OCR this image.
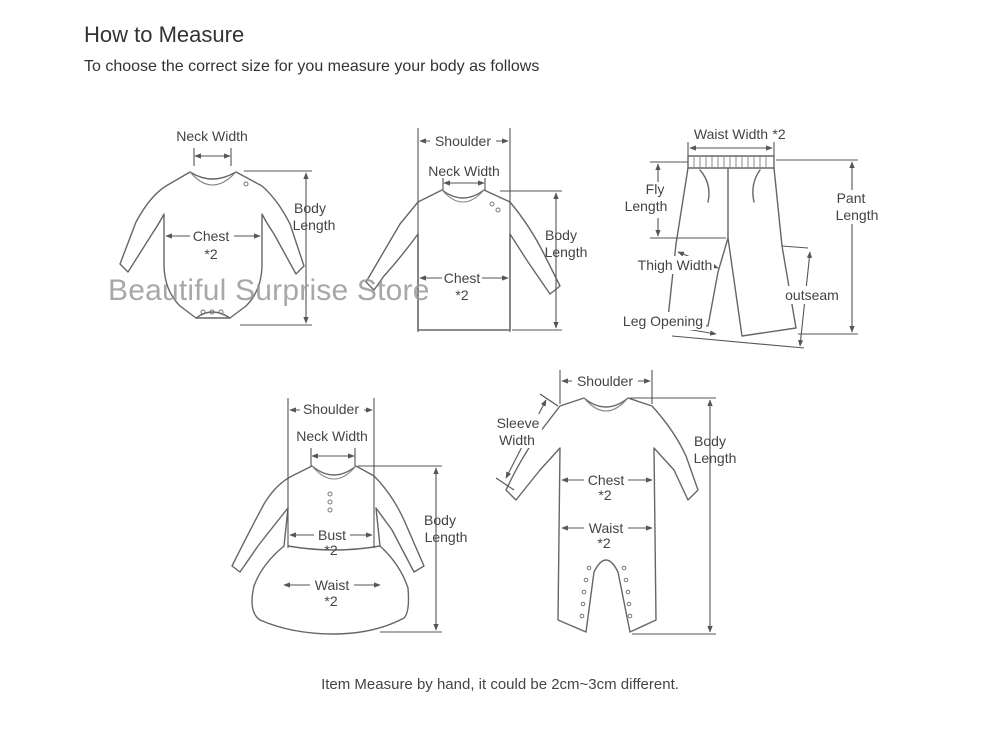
How to Measure
To choose the correct size for you measure your body as follows
Neck Width
Body
Length
Chest
*2
Shoulder
Neck Width
Body
Length
Chest
*2
Waist Width *2
Fly
Length	Pant
Length
Thigh Width
outseam
Leg Opening
Shoulder
Neck Width
Body
Length
Bust
*2
Waist
*2
Shoulder
Sleeve
Width	Body
Length
Chest
*2
Waist
*2
Beautiful Surprise Store
Item Measure by hand, it could be 2cm~3cm different.
